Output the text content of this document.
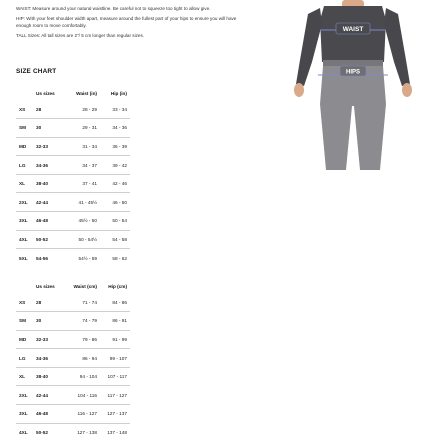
WAIST: Measure around your natural waistline. Be careful not to squeeze too tight to allow give.

HIP: With your feet shoulder width apart, measure around the fullest part of your hips to ensure you will have enough room to move comfortably.

TALL Sizes: All tall sizes are 2"/ 5 cm longer than regular sizes.

SIZE CHART
	Us sizes	Waist (in)	Hip (in)
XS	28	28 - 29	33 - 34
SM	30	29 - 31	34 - 36
MD	32-33	31 - 34	36 - 39
LG	34-36	34 - 37	39 - 42
XL	38-40	37 - 41	42 - 46
2XL	42-44	41 - 45½	46 - 50
3XL	46-48	45½ - 50	50 - 54
4XL	50-52	50 - 54½	54 - 58
5XL	54-56	54½ - 59	58 - 62
	Us sizes	Waist (cm)	Hip (cm)
XS	28	71 - 74	84 - 86
SM	30	74 - 79	86 - 91
MD	32-33	79 - 86	91 - 99
LG	34-36	86 - 94	99 - 107
XL	38-40	94 - 104	107 - 117
2XL	42-44	104 - 116	117 - 127
3XL	46-48	116 - 127	127 - 137
4XL	50-52	127 - 138	137 - 148
WAIST
HIPS
